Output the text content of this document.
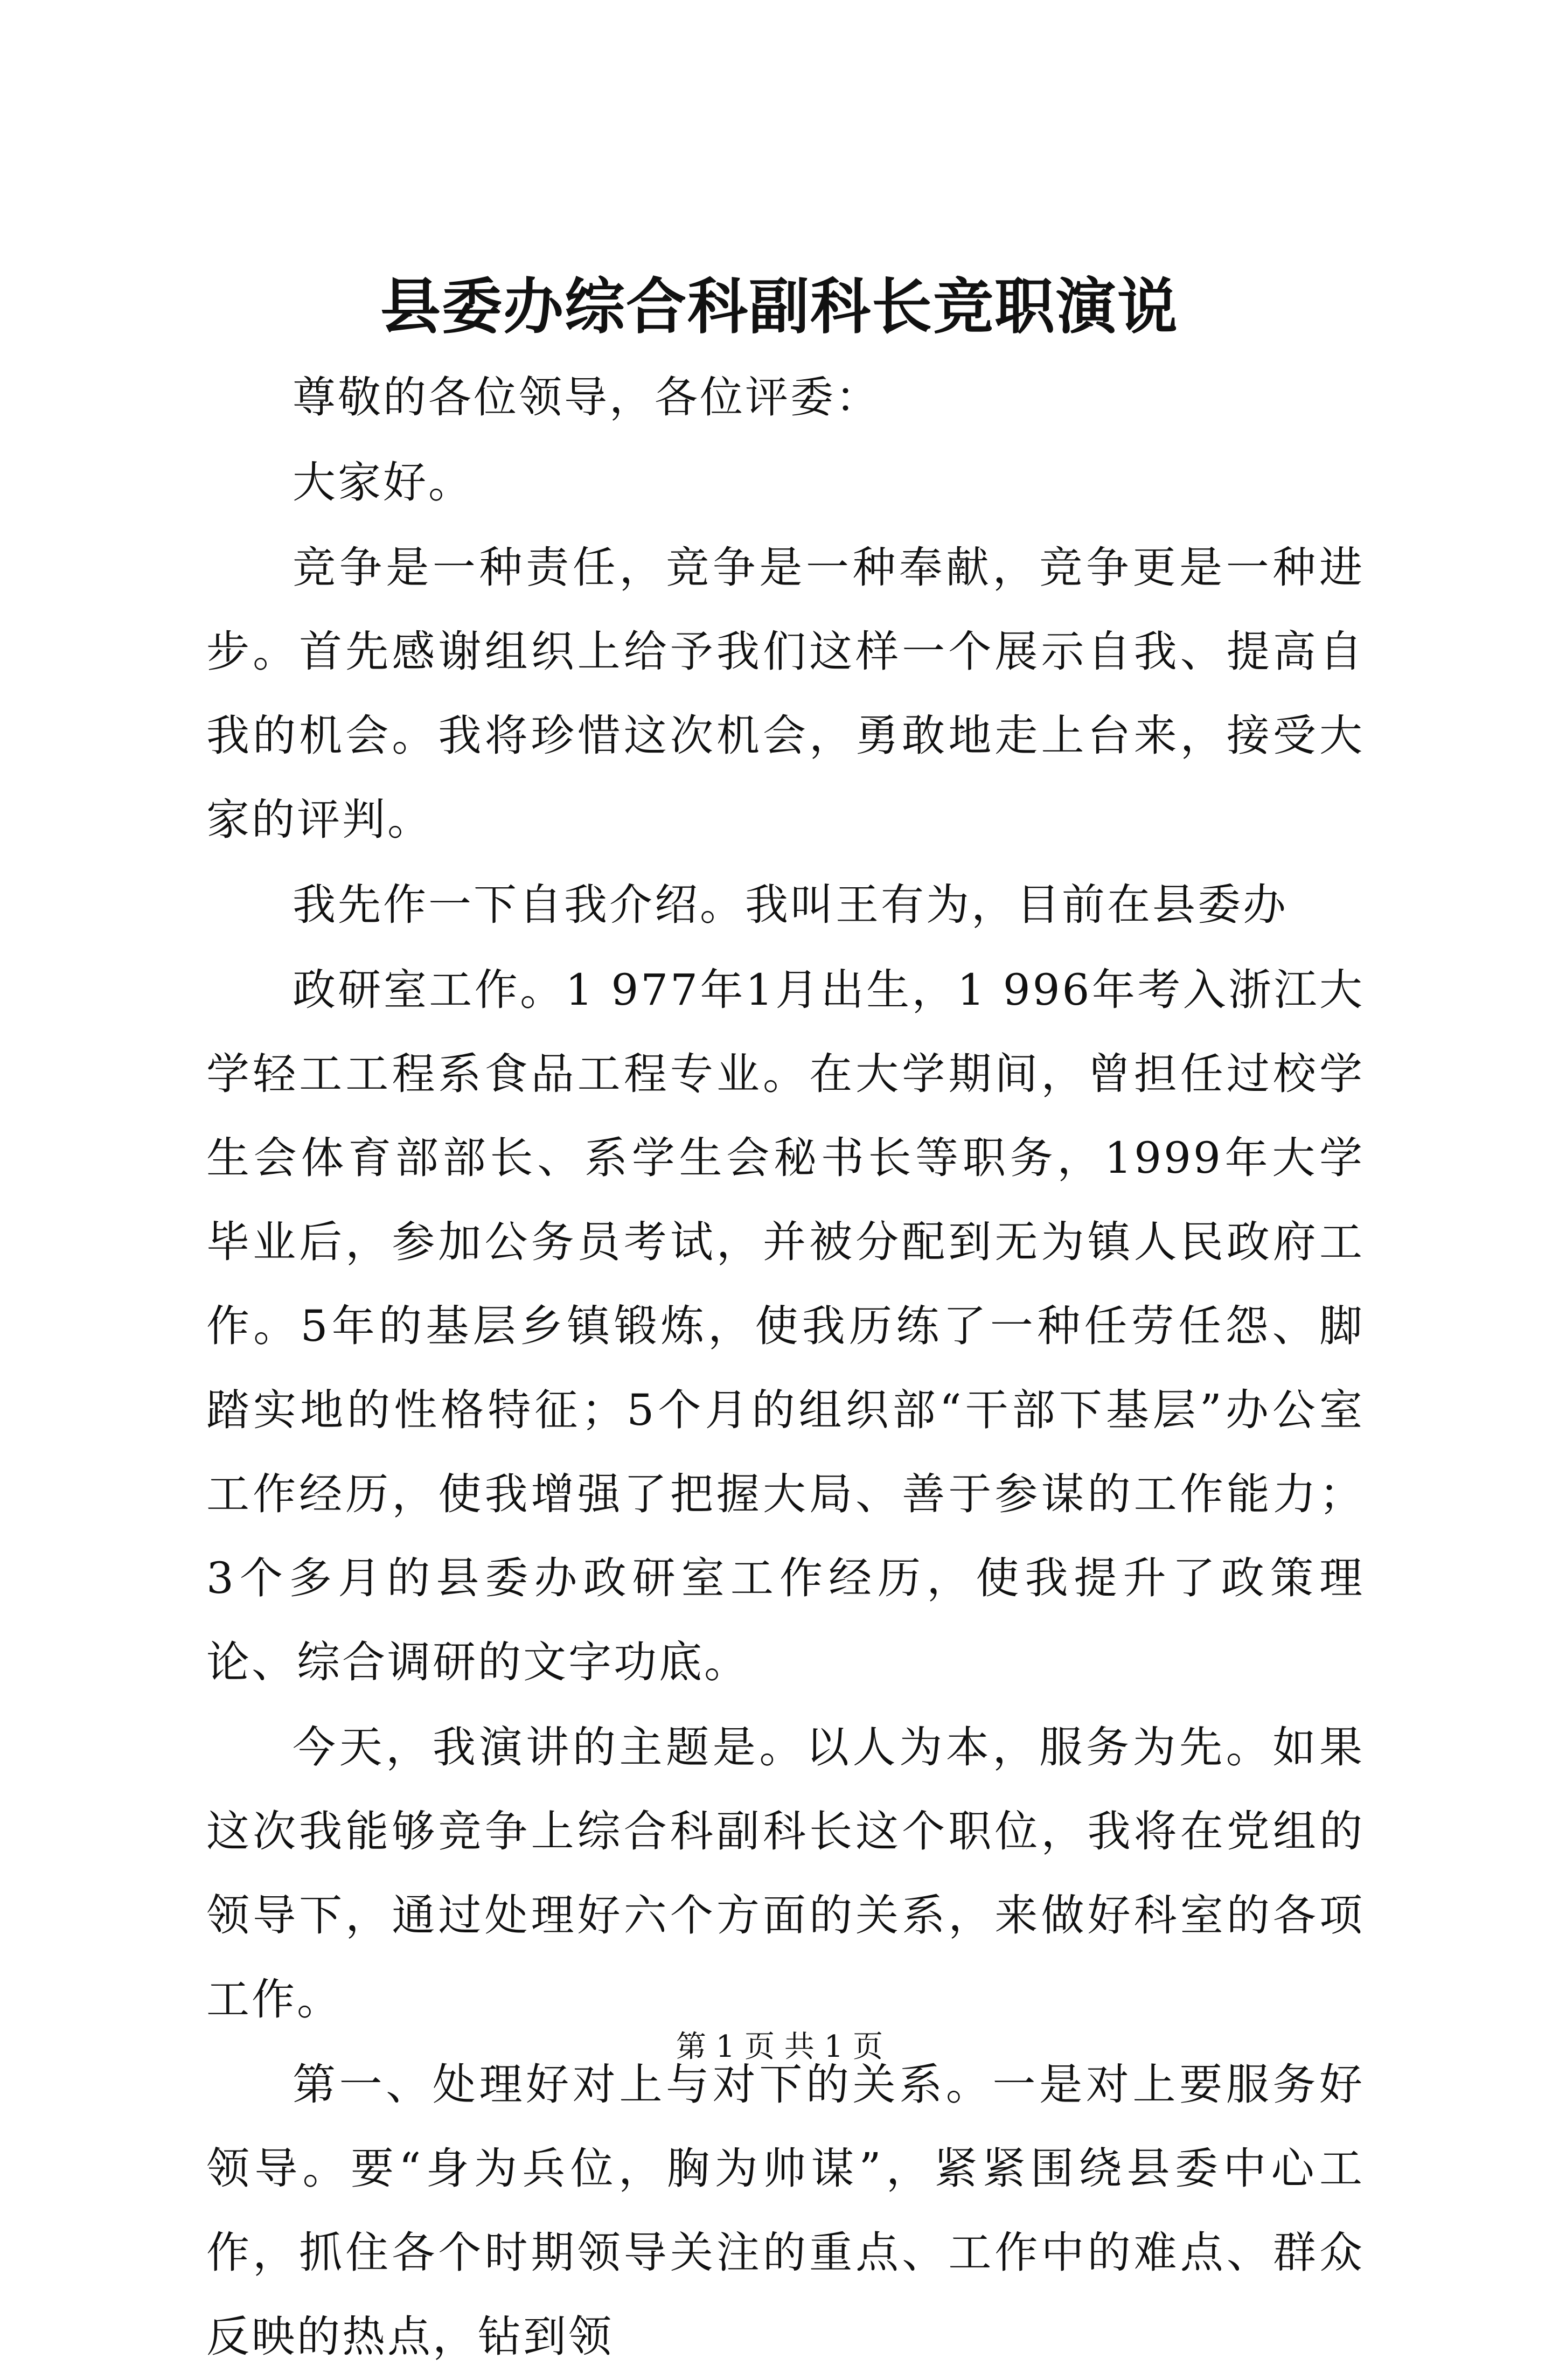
县委办综合科副科长竞职演说

尊敬的各位领导，各位评委：

大家好。

竞争是一种责任，竞争是一种奉献，竞争更是一种进步。首先感谢组织上给予我们这样一个展示自我、提高自我的机会。我将珍惜这次机会，勇敢地走上台来，接受大家的评判。

我先作一下自我介绍。我叫王有为，目前在县委办

政研室工作。1 977年1月出生，1 996年考入浙江大学轻工工程系食品工程专业。在大学期间，曾担任过校学生会体育部部长、系学生会秘书长等职务，1999年大学毕业后，参加公务员考试，并被分配到无为镇人民政府工作。5年的基层乡镇锻炼，使我历练了一种任劳任怨、脚踏实地的性格特征；5个月的组织部“干部下基层”办公室工作经历，使我增强了把握大局、善于参谋的工作能力；3个多月的县委办政研室工作经历，使我提升了政策理论、综合调研的文字功底。

今天，我演讲的主题是。以人为本，服务为先。如果这次我能够竞争上综合科副科长这个职位，我将在党组的领导下，通过处理好六个方面的关系，来做好科室的各项工作。

第一、处理好对上与对下的关系。一是对上要服务好领导。要“身为兵位，胸为帅谋”，紧紧围绕县委中心工作，抓住各个时期领导关注的重点、工作中的难点、群众反映的热点，钻到领

第 1 页 共 1 页
